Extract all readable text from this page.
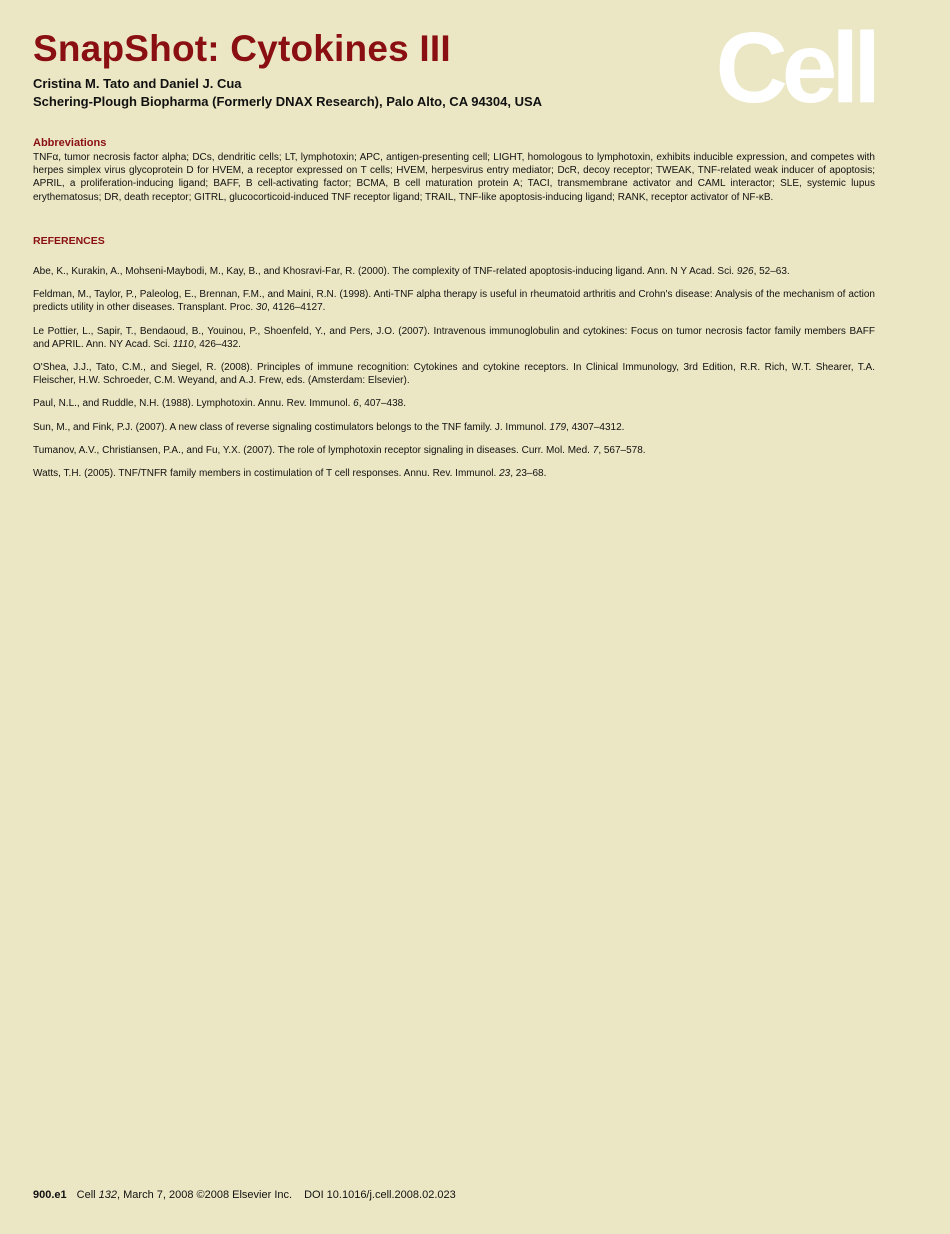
SnapShot: Cytokines III
Cristina M. Tato and Daniel J. Cua
Schering-Plough Biopharma (Formerly DNAX Research), Palo Alto, CA 94304, USA Cell
Abbreviations
TNFα, tumor necrosis factor alpha; DCs, dendritic cells; LT, lymphotoxin; APC, antigen-presenting cell; LIGHT, homologous to lymphotoxin, exhibits inducible expression, and competes with herpes simplex virus glycoprotein D for HVEM, a receptor expressed on T cells; HVEM, herpesvirus entry mediator; DcR, decoy receptor; TWEAK, TNF-related weak inducer of apoptosis; APRIL, a proliferation-inducing ligand; BAFF, B cell-activating factor; BCMA, B cell maturation protein A; TACI, transmembrane activator and CAML interactor; SLE, systemic lupus erythematosus; DR, death receptor; GITRL, glucocorticoid-induced TNF receptor ligand; TRAIL, TNF-like apoptosis-inducing ligand; RANK, receptor activator of NF-κB.
REFERENCES

Abe, K., Kurakin, A., Mohseni-Maybodi, M., Kay, B., and Khosravi-Far, R. (2000). The complexity of TNF-related apoptosis-inducing ligand. Ann. N Y Acad. Sci. 926, 52–63.

Feldman, M., Taylor, P., Paleolog, E., Brennan, F.M., and Maini, R.N. (1998). Anti-TNF alpha therapy is useful in rheumatoid arthritis and Crohn's disease: Analysis of the mechanism of action predicts utility in other diseases. Transplant. Proc. 30, 4126–4127.

Le Pottier, L., Sapir, T., Bendaoud, B., Youinou, P., Shoenfeld, Y., and Pers, J.O. (2007). Intravenous immunoglobulin and cytokines: Focus on tumor necrosis factor family members BAFF and APRIL. Ann. NY Acad. Sci. 1110, 426–432.

O'Shea, J.J., Tato, C.M., and Siegel, R. (2008). Principles of immune recognition: Cytokines and cytokine receptors. In Clinical Immunology, 3rd Edition, R.R. Rich, W.T. Shearer, T.A. Fleischer, H.W. Schroeder, C.M. Weyand, and A.J. Frew, eds. (Amsterdam: Elsevier).

Paul, N.L., and Ruddle, N.H. (1988). Lymphotoxin. Annu. Rev. Immunol. 6, 407–438.

Sun, M., and Fink, P.J. (2007). A new class of reverse signaling costimulators belongs to the TNF family. J. Immunol. 179, 4307–4312.

Tumanov, A.V., Christiansen, P.A., and Fu, Y.X. (2007). The role of lymphotoxin receptor signaling in diseases. Curr. Mol. Med. 7, 567–578.

Watts, T.H. (2005). TNF/TNFR family members in costimulation of T cell responses. Annu. Rev. Immunol. 23, 23–68.

900.e1 Cell 132, March 7, 2008 ©2008 Elsevier Inc. DOI 10.1016/j.cell.2008.02.023
